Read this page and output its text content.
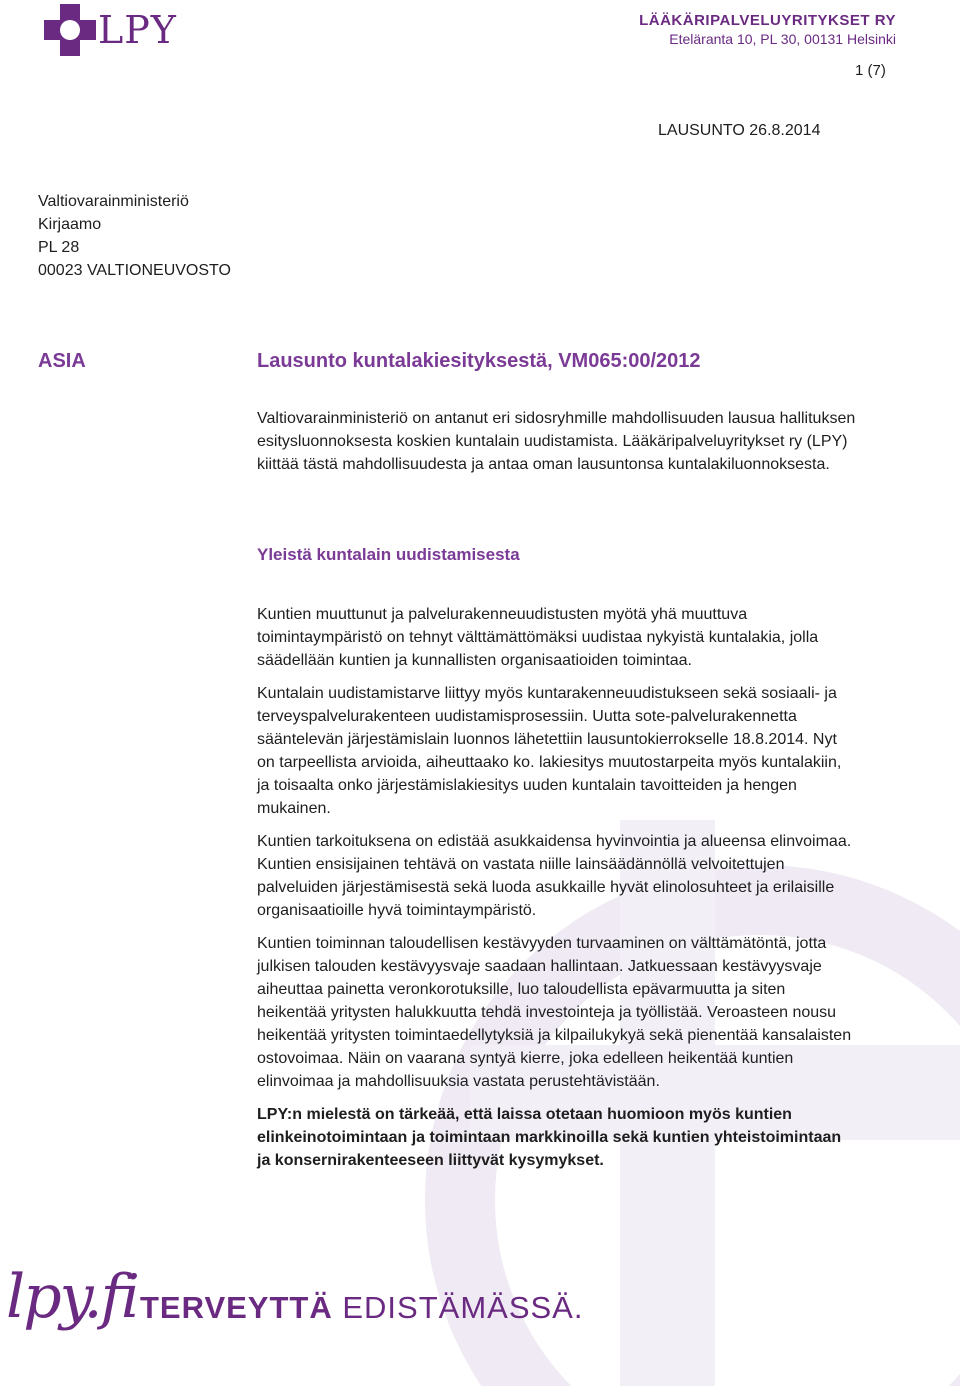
LPY	LÄÄKÄRIPALVELUYRITYKSET RY
Eteläranta 10, PL 30, 00131 Helsinki
1 (7)
LAUSUNTO 26.8.2014
Valtiovarainministeriö
Kirjaamo
PL 28
00023 VALTIONEUVOSTO
ASIA	Lausunto kuntalakiesityksestä, VM065:00/2012
Valtiovarainministeriö on antanut eri sidosryhmille mahdollisuuden lausua hallituksen esitysluonnoksesta koskien kuntalain uudistamista. Lääkäripalveluyritykset ry (LPY) kiittää tästä mahdollisuudesta ja antaa oman lausuntonsa kuntalakiluonnoksesta.
Yleistä kuntalain uudistamisesta

Kuntien muuttunut ja palvelurakenneuudistusten myötä yhä muuttuva toimintaympäristö on tehnyt välttämättömäksi uudistaa nykyistä kuntalakia, jolla säädellään kuntien ja kunnallisten organisaatioiden toimintaa.

Kuntalain uudistamistarve liittyy myös kuntarakenneuudistukseen sekä sosiaali- ja terveyspalvelurakenteen uudistamisprosessiin. Uutta sote-palvelurakennetta sääntelevän järjestämislain luonnos lähetettiin lausuntokierrokselle 18.8.2014. Nyt on tarpeellista arvioida, aiheuttaako ko. lakiesitys muutostarpeita myös kuntalakiin, ja toisaalta onko järjestämislakiesitys uuden kuntalain tavoitteiden ja hengen mukainen.

Kuntien tarkoituksena on edistää asukkaidensa hyvinvointia ja alueensa elinvoimaa. Kuntien ensisijainen tehtävä on vastata niille lainsäädännöllä velvoitettujen palveluiden järjestämisestä sekä luoda asukkaille hyvät elinolosuhteet ja erilaisille organisaatioille hyvä toimintaympäristö.

Kuntien toiminnan taloudellisen kestävyyden turvaaminen on välttämätöntä, jotta julkisen talouden kestävyysvaje saadaan hallintaan. Jatkuessaan kestävyysvaje aiheuttaa painetta veronkorotuksille, luo taloudellista epävarmuutta ja siten heikentää yritysten halukkuutta tehdä investointeja ja työllistää. Veroasteen nousu heikentää yritysten toimintaedellytyksiä ja kilpailukykyä sekä pienentää kansalaisten ostovoimaa. Näin on vaarana syntyä kierre, joka edelleen heikentää kuntien elinvoimaa ja mahdollisuuksia vastata perustehtävistään.

LPY:n mielestä on tärkeää, että laissa otetaan huomioon myös kuntien elinkeinotoimintaan ja toimintaan markkinoilla sekä kuntien yhteistoimintaan ja konsernirakenteeseen liittyvät kysymykset.

lpy.fi TERVEYTTÄ EDISTÄMÄSSÄ.
